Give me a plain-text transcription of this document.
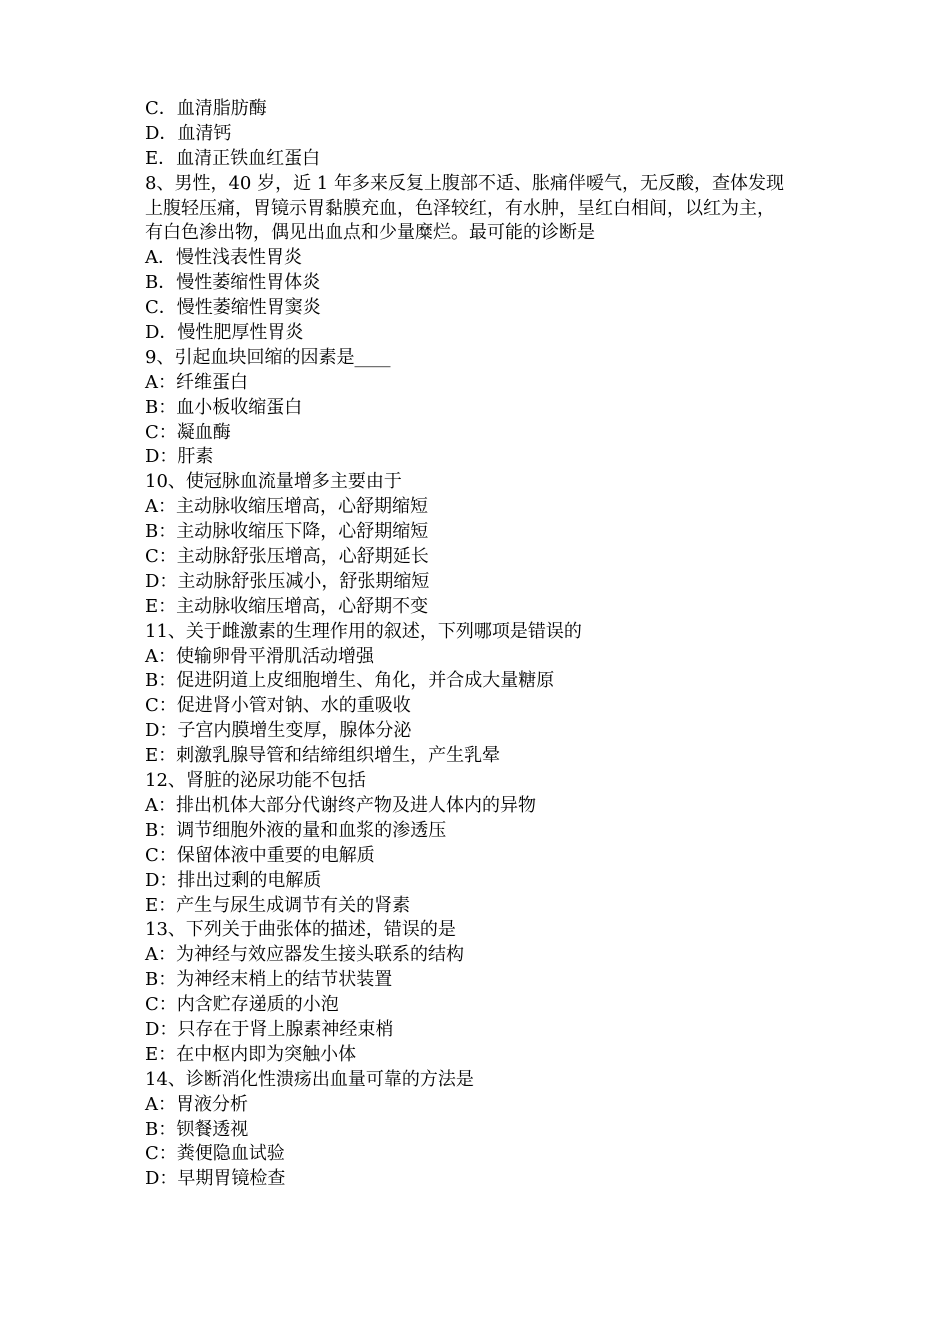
C．血清脂肪酶
D．血清钙
E．血清正铁血红蛋白
8、男性，40 岁，近 1 年多来反复上腹部不适、胀痛伴嗳气，无反酸，查体发现
上腹轻压痛，胃镜示胃黏膜充血，色泽较红，有水肿，呈红白相间，以红为主，
有白色渗出物，偶见出血点和少量糜烂。最可能的诊断是
A．慢性浅表性胃炎
B．慢性萎缩性胃体炎
C．慢性萎缩性胃窦炎
D．慢性肥厚性胃炎
9、引起血块回缩的因素是____
A：纤维蛋白
B：血小板收缩蛋白
C：凝血酶
D：肝素
10、使冠脉血流量增多主要由于
A：主动脉收缩压增高，心舒期缩短
B：主动脉收缩压下降，心舒期缩短
C：主动脉舒张压增高，心舒期延长
D：主动脉舒张压减小，舒张期缩短
E：主动脉收缩压增高，心舒期不变
11、关于雌激素的生理作用的叙述，下列哪项是错误的
A：使输卵骨平滑肌活动增强
B：促进阴道上皮细胞增生、角化，并合成大量糖原
C：促进肾小管对钠、水的重吸收
D：子宫内膜增生变厚，腺体分泌
E：刺激乳腺导管和结缔组织增生，产生乳晕
12、肾脏的泌尿功能不包括
A：排出机体大部分代谢终产物及进人体内的异物
B：调节细胞外液的量和血浆的渗透压
C：保留体液中重要的电解质
D：排出过剩的电解质
E：产生与尿生成调节有关的肾素
13、下列关于曲张体的描述，错误的是
A：为神经与效应器发生接头联系的结构
B：为神经末梢上的结节状装置
C：内含贮存递质的小泡
D：只存在于肾上腺素神经束梢
E：在中枢内即为突触小体
14、诊断消化性溃疡出血量可靠的方法是
A：胃液分析
B：钡餐透视
C：粪便隐血试验
D：早期胃镜检查
